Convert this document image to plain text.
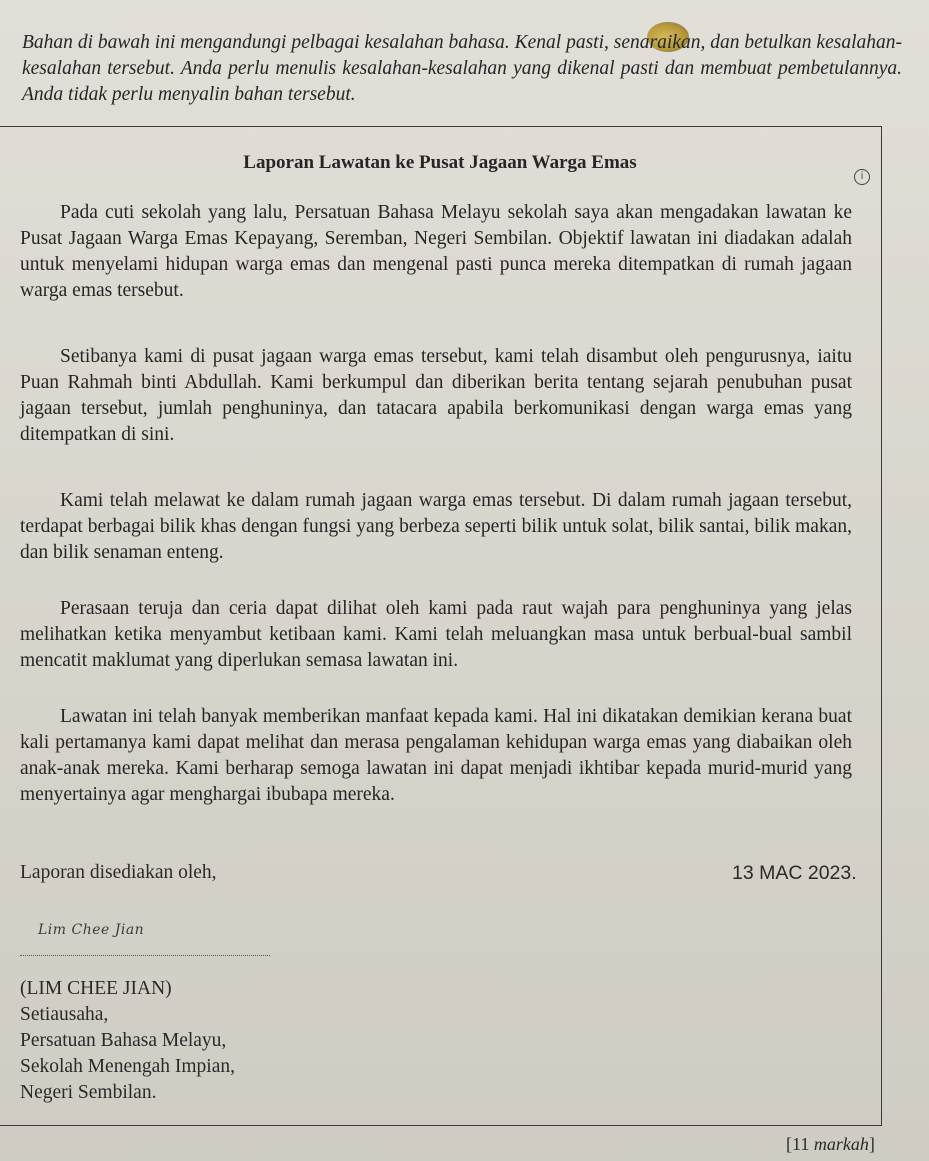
Bahan di bawah ini mengandungi pelbagai kesalahan bahasa. Kenal pasti, senaraikan, dan betulkan kesalahan-kesalahan tersebut. Anda perlu menulis kesalahan-kesalahan yang dikenal pasti dan membuat pembetulannya. Anda tidak perlu menyalin bahan tersebut.
Laporan Lawatan ke Pusat Jagaan Warga Emas
i
Pada cuti sekolah yang lalu, Persatuan Bahasa Melayu sekolah saya akan mengadakan lawatan ke Pusat Jagaan Warga Emas Kepayang, Seremban, Negeri Sembilan. Objektif lawatan ini diadakan adalah untuk menyelami hidupan warga emas dan mengenal pasti punca mereka ditempatkan di rumah jagaan warga emas tersebut.
Setibanya kami di pusat jagaan warga emas tersebut, kami telah disambut oleh pengurusnya, iaitu Puan Rahmah binti Abdullah. Kami berkumpul dan diberikan berita tentang sejarah penubuhan pusat jagaan tersebut, jumlah penghuninya, dan tatacara apabila berkomunikasi dengan warga emas yang ditempatkan di sini.
Kami telah melawat ke dalam rumah jagaan warga emas tersebut. Di dalam rumah jagaan tersebut, terdapat berbagai bilik khas dengan fungsi yang berbeza seperti bilik untuk solat, bilik santai, bilik makan, dan bilik senaman enteng.
Perasaan teruja dan ceria dapat dilihat oleh kami pada raut wajah para penghuninya yang jelas melihatkan ketika menyambut ketibaan kami. Kami telah meluangkan masa untuk berbual-bual sambil mencatit maklumat yang diperlukan semasa lawatan ini.
Lawatan ini telah banyak memberikan manfaat kepada kami. Hal ini dikatakan demikian kerana buat kali pertamanya kami dapat melihat dan merasa pengalaman kehidupan warga emas yang diabaikan oleh anak-anak mereka. Kami berharap semoga lawatan ini dapat menjadi ikhtibar kepada murid-murid yang menyertainya agar menghargai ibubapa mereka.
Laporan disediakan oleh,	13 MAC 2023.
Lim Chee Jian
(LIM CHEE JIAN)
Setiausaha,
Persatuan Bahasa Melayu,
Sekolah Menengah Impian,
Negeri Sembilan.
[11 markah]
